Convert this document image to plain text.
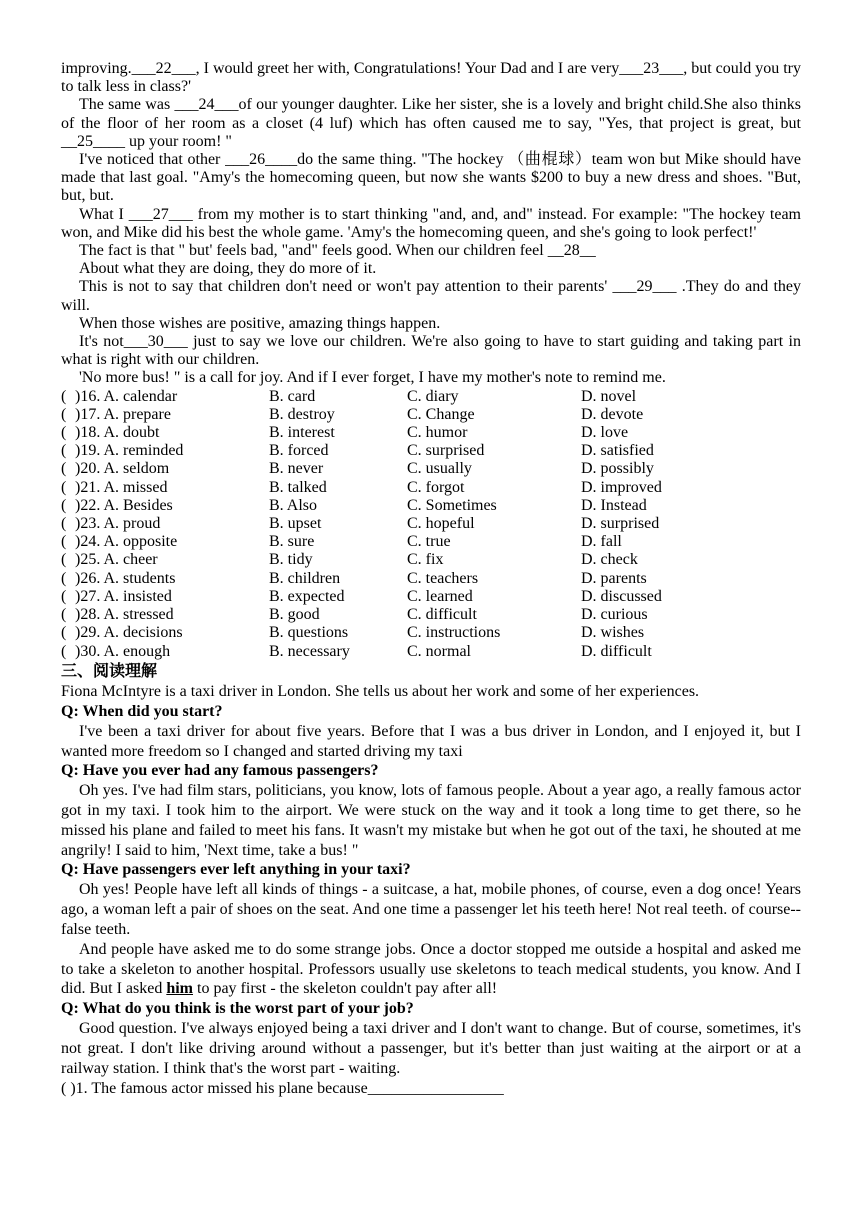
improving.___22___, I would greet her with, Congratulations! Your Dad and I are very___23___, but could you try to talk less in class?'

The same was ___24___of our younger daughter. Like her sister, she is a lovely and bright child.She also thinks of the floor of her room as a closet (4 luf) which has often caused me to say, "Yes, that project is great, but __25____ up your room! "

I've noticed that other ___26____do the same thing. "The hockey （曲棍球）team won but Mike should have made that last goal. "Amy's the homecoming queen, but now she wants $200 to buy a new dress and shoes. "But, but, but.

What I ___27___ from my mother is to start thinking "and, and, and" instead. For example: "The hockey team won, and Mike did his best the whole game. 'Amy's the homecoming queen, and she's going to look perfect!'

The fact is that " but' feels bad, "and" feels good. When our children feel __28__

About what they are doing, they do more of it.

This is not to say that children don't need or won't pay attention to their parents' ___29___ .They do and they will.

When those wishes are positive, amazing things happen.

It's not___30___ just to say we love our children. We're also going to have to start guiding and taking part in what is right with our children.

'No more bus! " is a call for joy. And if I ever forget, I have my mother's note to remind me.

( )16. A. calendar	B. card	C. diary	D. novel
( )17. A. prepare	B. destroy	C. Change	D. devote
( )18. A. doubt	B. interest	C. humor	D. love
( )19. A. reminded	B. forced	C. surprised	D. satisfied
( )20. A. seldom	B. never	C. usually	D. possibly
( )21. A. missed	B. talked	C. forgot	D. improved
( )22. A. Besides	B. Also	C. Sometimes	D. Instead
( )23. A. proud	B. upset	C. hopeful	D. surprised
( )24. A. opposite	B. sure	C. true	D. fall
( )25. A. cheer	B. tidy	C. fix	D. check
( )26. A. students	B. children	C. teachers	D. parents
( )27. A. insisted	B. expected	C. learned	D. discussed
( )28. A. stressed	B. good	C. difficult	D. curious
( )29. A. decisions	B. questions	C. instructions	D. wishes
( )30. A. enough	B. necessary	C. normal	D. difficult

三、阅读理解

Fiona McIntyre is a taxi driver in London. She tells us about her work and some of her experiences.

Q: When did you start?

I've been a taxi driver for about five years. Before that I was a bus driver in London, and I enjoyed it, but I wanted more freedom so I changed and started driving my taxi

Q: Have you ever had any famous passengers?

Oh yes. I've had film stars, politicians, you know, lots of famous people. About a year ago, a really famous actor got in my taxi. I took him to the airport. We were stuck on the way and it took a long time to get there, so he missed his plane and failed to meet his fans. It wasn't my mistake but when he got out of the taxi, he shouted at me angrily! I said to him, 'Next time, take a bus! "

Q: Have passengers ever left anything in your taxi?

Oh yes! People have left all kinds of things - a suitcase, a hat, mobile phones, of course, even a dog once! Years ago, a woman left a pair of shoes on the seat. And one time a passenger let his teeth here! Not real teeth. of course--false teeth.

And people have asked me to do some strange jobs. Once a doctor stopped me outside a hospital and asked me to take a skeleton to another hospital. Professors usually use skeletons to teach medical students, you know. And I did. But I asked him to pay first - the skeleton couldn't pay after all!

Q: What do you think is the worst part of your job?

Good question. I've always enjoyed being a taxi driver and I don't want to change. But of course, sometimes, it's not great. I don't like driving around without a passenger, but it's better than just waiting at the airport or at a railway station. I think that's the worst part - waiting.

( )1. The famous actor missed his plane because_________________
